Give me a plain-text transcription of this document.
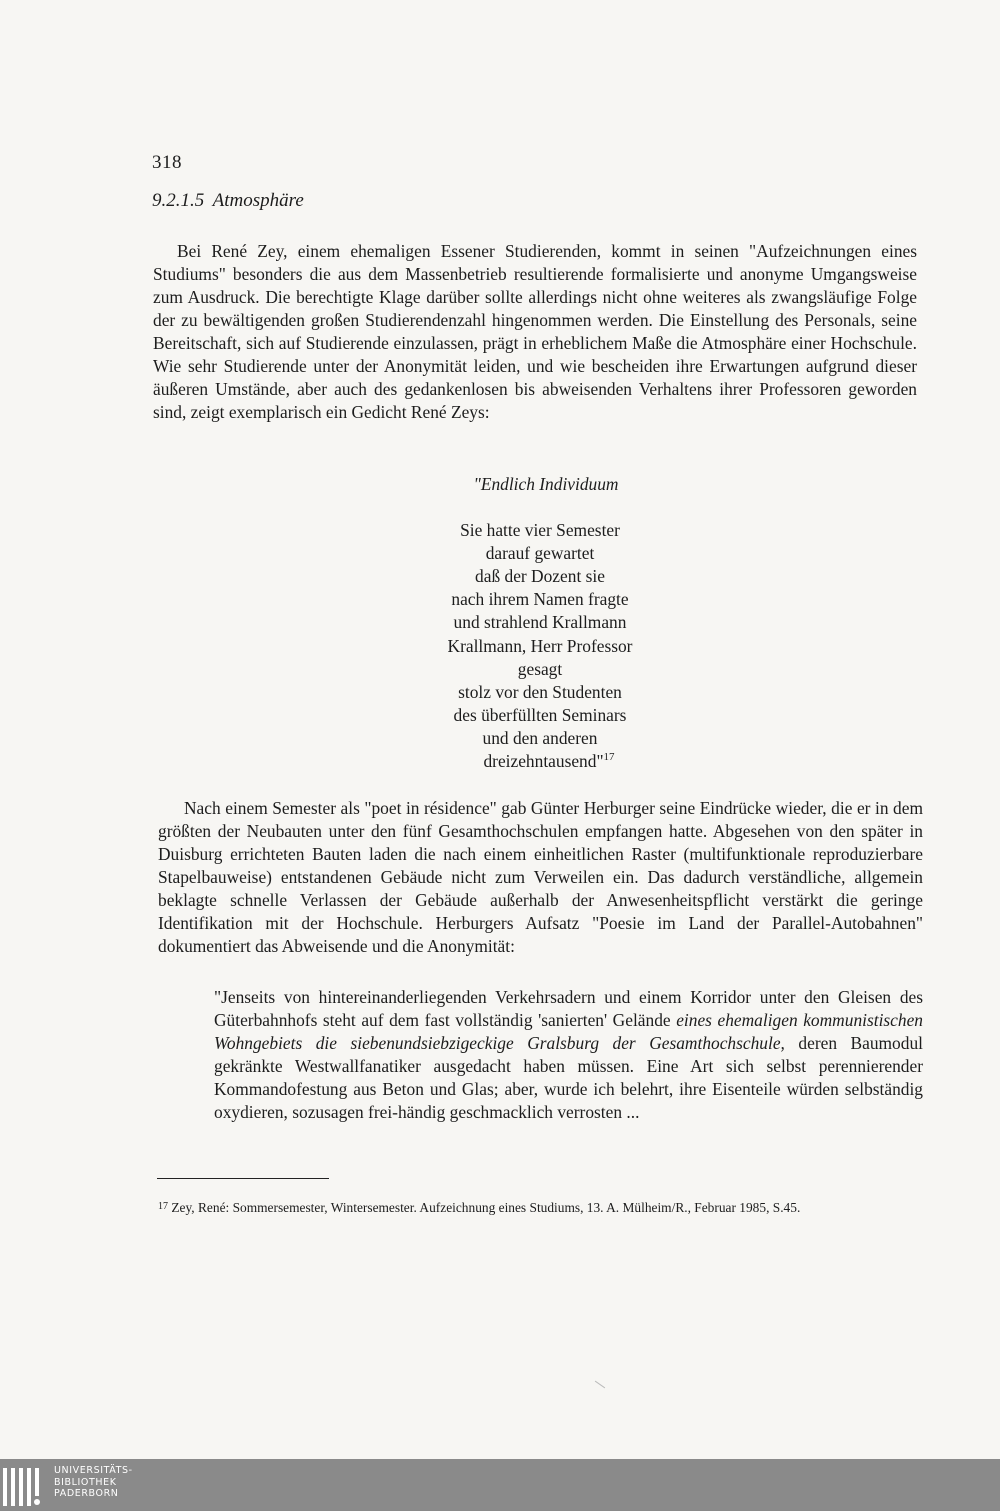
318
9.2.1.5 Atmosphäre

Bei René Zey, einem ehemaligen Essener Studierenden, kommt in seinen "Aufzeichnungen eines Studiums" besonders die aus dem Massenbetrieb resultierende formalisierte und anonyme Umgangsweise zum Ausdruck. Die berechtigte Klage darüber sollte allerdings nicht ohne weiteres als zwangsläufige Folge der zu bewältigenden großen Studierendenzahl hingenommen werden. Die Einstellung des Personals, seine Bereitschaft, sich auf Studierende einzulassen, prägt in erheblichem Maße die Atmosphäre einer Hochschule. Wie sehr Studierende unter der Anonymität leiden, und wie bescheiden ihre Erwartungen aufgrund dieser äußeren Umstände, aber auch des gedankenlosen bis abweisenden Verhaltens ihrer Professoren geworden sind, zeigt exemplarisch ein Gedicht René Zeys:

"Endlich Individuum
Sie hatte vier Semester
darauf gewartet
daß der Dozent sie
nach ihrem Namen fragte
und strahlend Krallmann
Krallmann, Herr Professor
gesagt
stolz vor den Studenten
des überfüllten Seminars
und den anderen
dreizehntausend"$^{17}$

Nach einem Semester als "poet in résidence" gab Günter Herburger seine Eindrücke wieder, die er in dem größten der Neubauten unter den fünf Gesamthochschulen empfangen hatte. Abgesehen von den später in Duisburg errichteten Bauten laden die nach einem einheitlichen Raster (multifunktionale reproduzierbare Stapelbauweise) entstandenen Gebäude nicht zum Verweilen ein. Das dadurch verständliche, allgemein beklagte schnelle Verlassen der Gebäude außerhalb der Anwesenheitspflicht verstärkt die geringe Identifikation mit der Hochschule. Herburgers Aufsatz "Poesie im Land der Parallel-Autobahnen" dokumentiert das Abweisende und die Anonymität:

"Jenseits von hintereinanderliegenden Verkehrsadern und einem Korridor unter den Gleisen des Güterbahnhofs steht auf dem fast vollständig 'sanierten' Gelände eines ehemaligen kommunistischen Wohngebiets die siebenundsiebzigeckige Gralsburg der Gesamthochschule, deren Baumodul gekränkte Westwallfanatiker ausgedacht haben müssen. Eine Art sich selbst perennierender Kommandofestung aus Beton und Glas; aber, wurde ich belehrt, ihre Eisenteile würden selbständig oxydieren, sozusagen frei-händig geschmacklich verrosten ...

$^{17}$ Zey, René: Sommersemester, Wintersemester. Aufzeichnung eines Studiums, 13. A. Mülheim/R., Februar 1985, S.45.

UNIVERSITÄTS-
BIBLIOTHEK
PADERBORN
